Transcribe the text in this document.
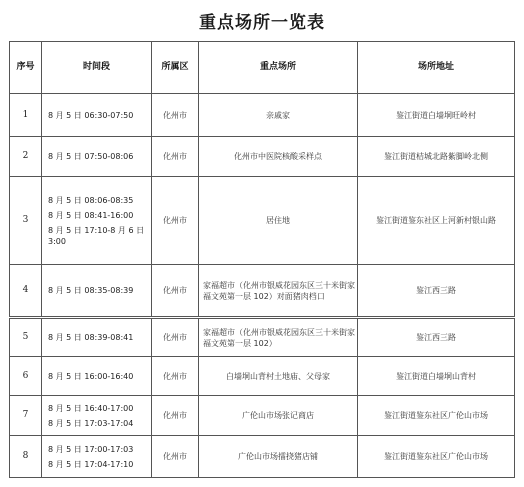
重点场所一览表
序号	时间段	所属区	重点场所	场所地址
1	8 月 5 日 06:30-07:50	化州市	亲戚家	鉴江街道白墙垌旺岭村
2	8 月 5 日 07:50-08:06	化州市	化州市中医院核酸采样点	鉴江街道桔城北路紫脚岭北侧
3	8 月 5 日 08:06-08:35
8 月 5 日 08:41-16:00
8 月 5 日 17:10-8 月 6 日 3:00	化州市	居住地	鉴江街道鉴东社区上河新村银山路
4	8 月 5 日 08:35-08:39	化州市	家福超市（化州市银威花园东区三十米街家福文苑第一层 102）对面猪肉档口	鉴江西三路
5	8 月 5 日 08:39-08:41	化州市	家福超市（化州市银威花园东区三十米街家福文苑第一层 102）	鉴江西三路
6	8 月 5 日 16:00-16:40	化州市	白墙垌山背村土地庙、父母家	鉴江街道白墙垌山背村
7	8 月 5 日 16:40-17:00
8 月 5 日 17:03-17:04	化州市	广伦山市场张记商店	鉴江街道鉴东社区广伦山市场
8	8 月 5 日 17:00-17:03
8 月 5 日 17:04-17:10	化州市	广伦山市场擂挠猪店铺	鉴江街道鉴东社区广伦山市场
